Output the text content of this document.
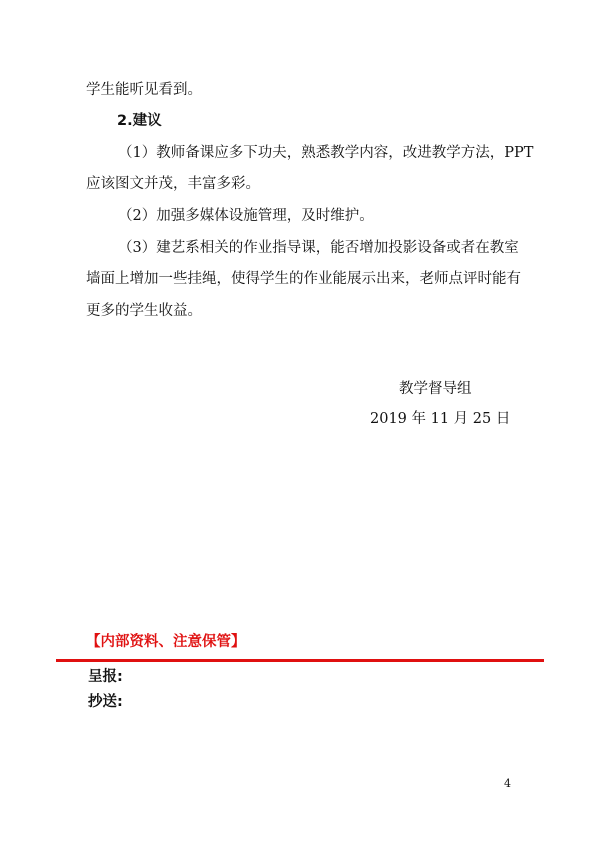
学生能听见看到。
2.建议
（1）教师备课应多下功夫，熟悉教学内容，改进教学方法，PPT
应该图文并茂，丰富多彩。
（2）加强多媒体设施管理，及时维护。
（3）建艺系相关的作业指导课，能否增加投影设备或者在教室
墙面上增加一些挂绳，使得学生的作业能展示出来，老师点评时能有
更多的学生收益。
教学督导组
2019 年 11 月 25 日
【内部资料、注意保管】
呈报:
抄送:
4
